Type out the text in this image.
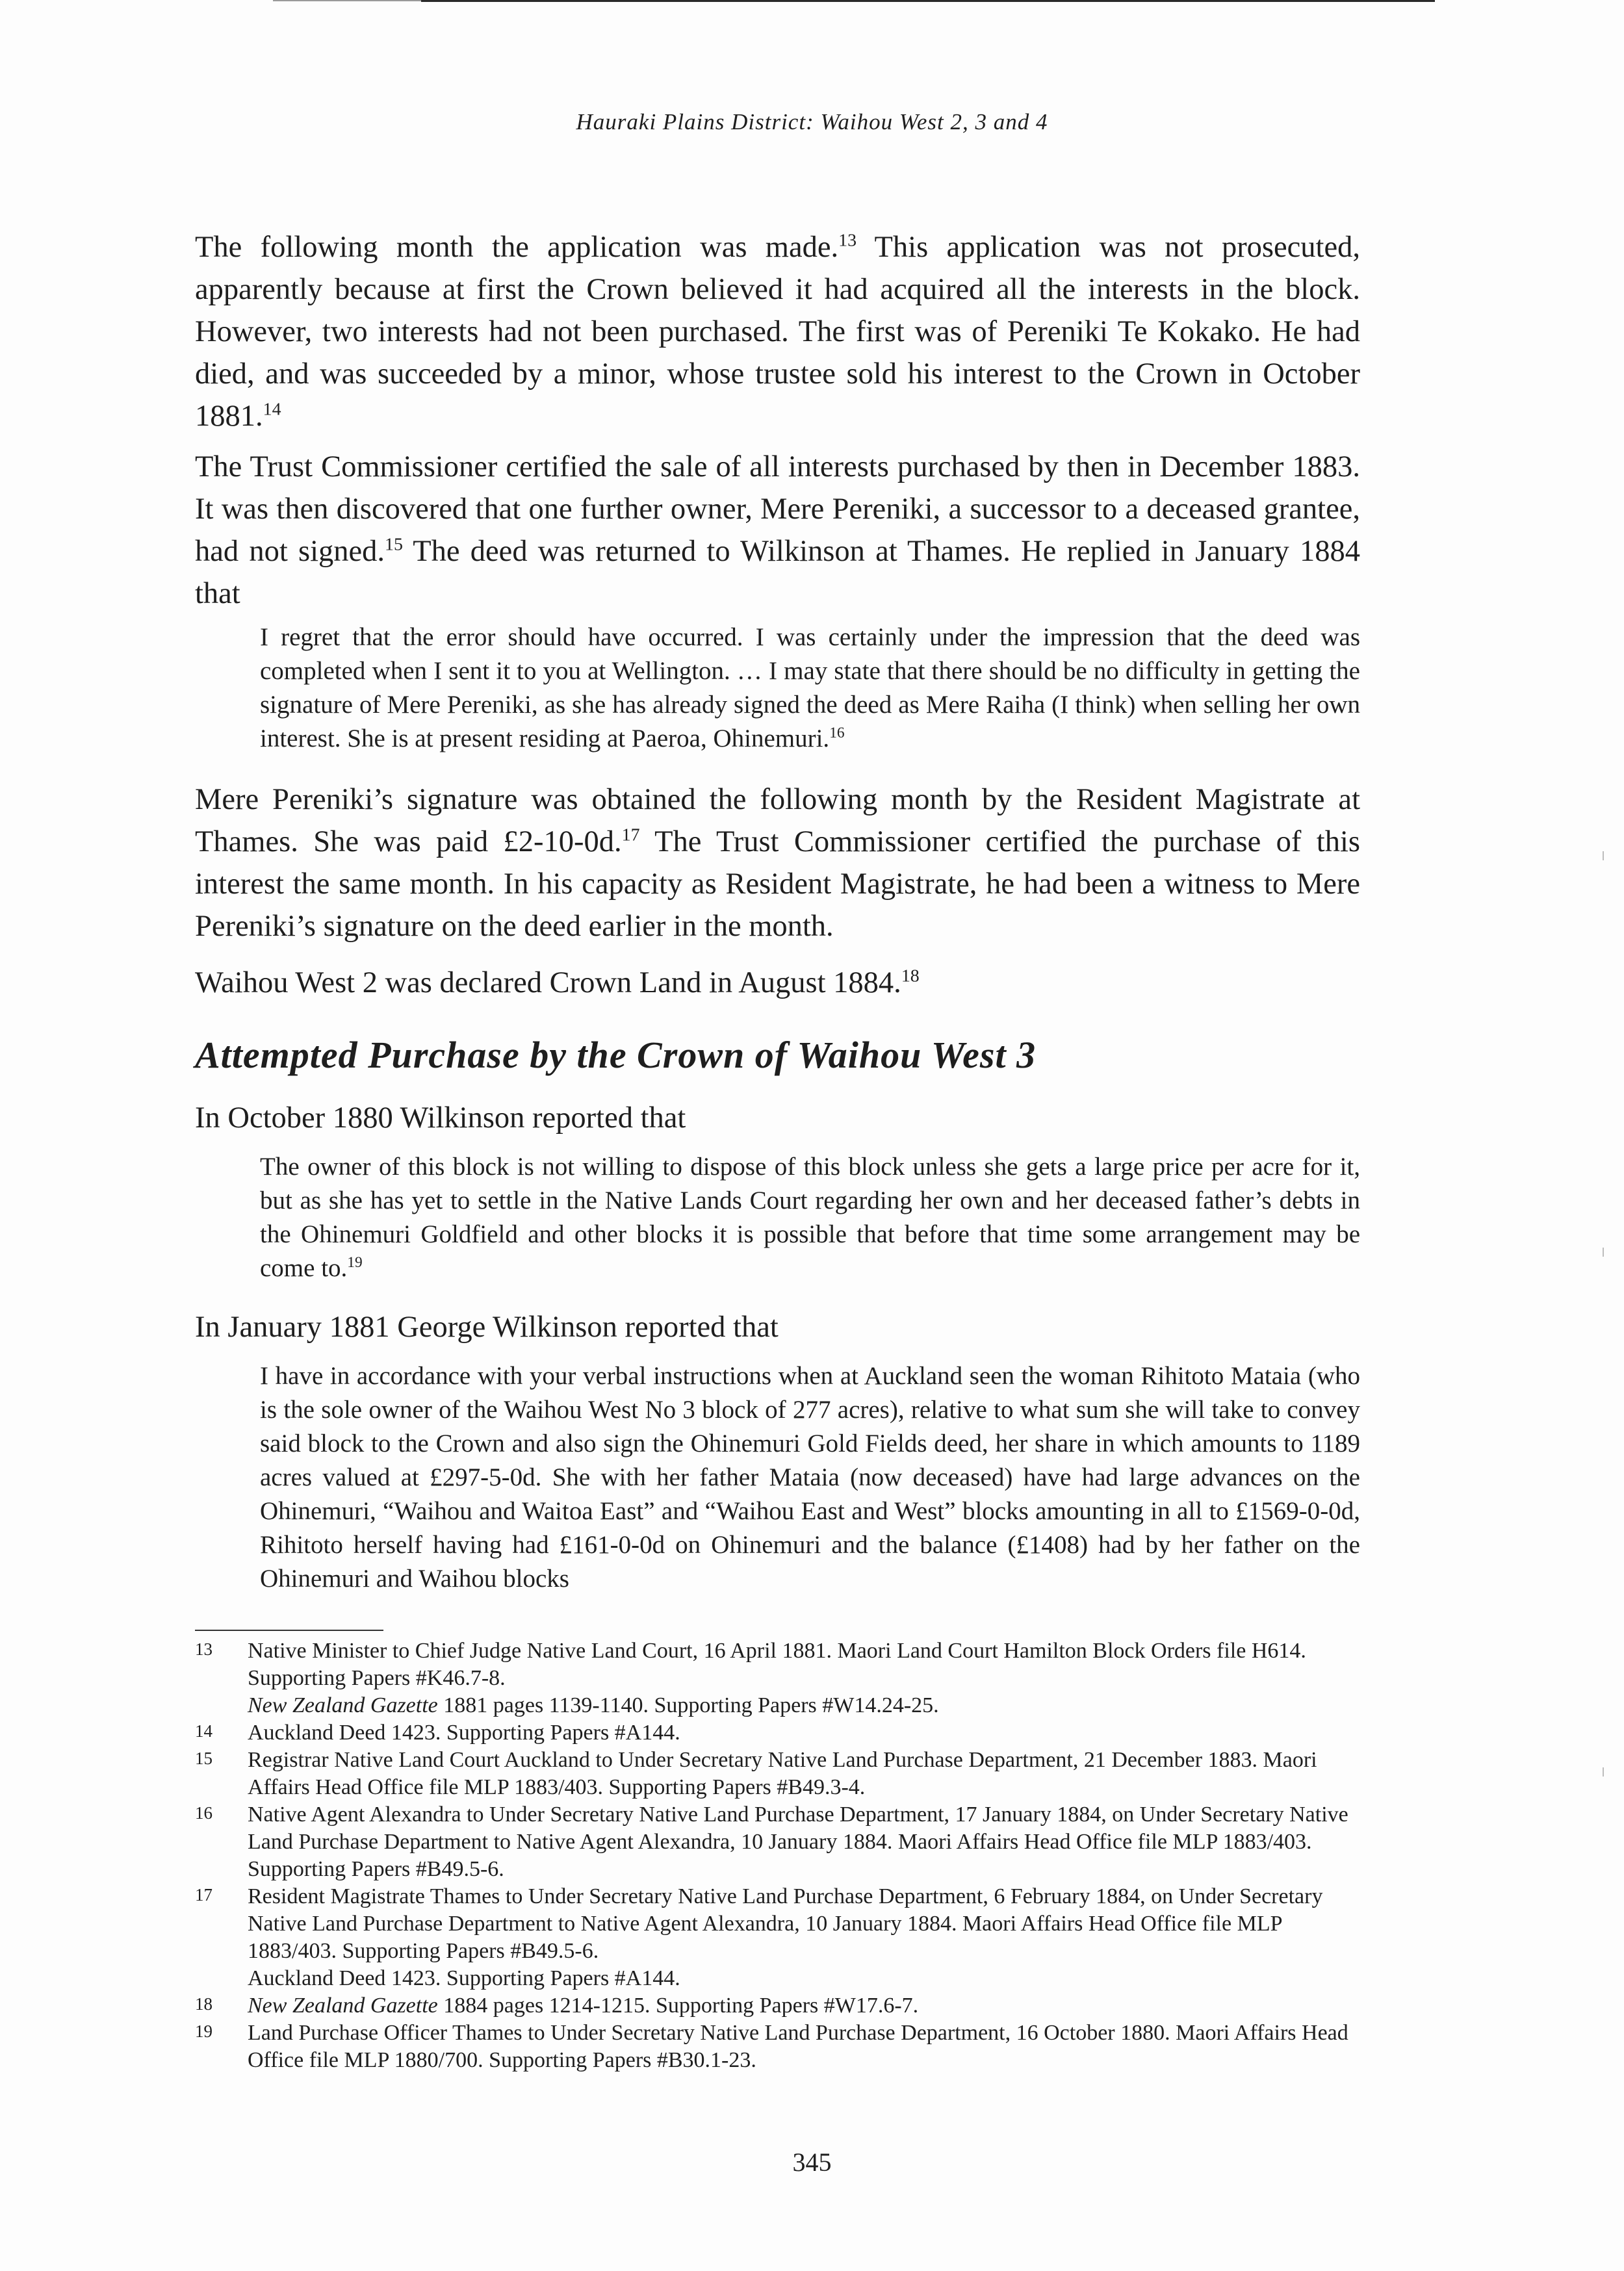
Hauraki Plains District: Waihou West 2, 3 and 4

The following month the application was made.$^{13}$ This application was not prosecuted, apparently because at first the Crown believed it had acquired all the interests in the block. However, two interests had not been purchased. The first was of Pereniki Te Kokako. He had died, and was succeeded by a minor, whose trustee sold his interest to the Crown in October 1881.14

The Trust Commissioner certified the sale of all interests purchased by then in December 1883. It was then discovered that one further owner, Mere Pereniki, a successor to a deceased grantee, had not signed.$^{15}$ The deed was returned to Wilkinson at Thames. He replied in January 1884 that

I regret that the error should have occurred. I was certainly under the impression that the deed was completed when I sent it to you at Wellington. … I may state that there should be no difficulty in getting the signature of Mere Pereniki, as she has already signed the deed as Mere Raiha (I think) when selling her own interest. She is at present residing at Paeroa, Ohinemuri.$^{16}$

Mere Pereniki’s signature was obtained the following month by the Resident Magistrate at Thames. She was paid £2-10-0d.$^{17}$ The Trust Commissioner certified the purchase of this interest the same month. In his capacity as Resident Magistrate, he had been a witness to Mere Pereniki’s signature on the deed earlier in the month.

Waihou West 2 was declared Crown Land in August 1884.18

Attempted Purchase by the Crown of Waihou West 3

In October 1880 Wilkinson reported that

The owner of this block is not willing to dispose of this block unless she gets a large price per acre for it, but as she has yet to settle in the Native Lands Court regarding her own and her deceased father’s debts in the Ohinemuri Goldfield and other blocks it is possible that before that time some arrangement may be come to.$^{19}$

In January 1881 George Wilkinson reported that

I have in accordance with your verbal instructions when at Auckland seen the woman Rihitoto Mataia (who is the sole owner of the Waihou West No 3 block of 277 acres), relative to what sum she will take to convey said block to the Crown and also sign the Ohinemuri Gold Fields deed, her share in which amounts to 1189 acres valued at £297-5-0d. She with her father Mataia (now deceased) have had large advances on the Ohinemuri, “Waihou and Waitoa East” and “Waihou East and West” blocks amounting in all to £1569-0-0d, Rihitoto herself having had £161-0-0d on Ohinemuri and the balance (£1408) had by her father on the Ohinemuri and Waihou blocks

13	Native Minister to Chief Judge Native Land Court, 16 April 1881. Maori Land Court Hamilton Block Orders file H614. Supporting Papers #K46.7-8.

New Zealand Gazette 1881 pages 1139-1140. Supporting Papers #W14.24-25.

14	Auckland Deed 1423. Supporting Papers #A144.
15	Registrar Native Land Court Auckland to Under Secretary Native Land Purchase Department, 21 December 1883. Maori Affairs Head Office file MLP 1883/403. Supporting Papers #B49.3-4.
16	Native Agent Alexandra to Under Secretary Native Land Purchase Department, 17 January 1884, on Under Secretary Native Land Purchase Department to Native Agent Alexandra, 10 January 1884. Maori Affairs Head Office file MLP 1883/403. Supporting Papers #B49.5-6.
17	Resident Magistrate Thames to Under Secretary Native Land Purchase Department, 6 February 1884, on Under Secretary Native Land Purchase Department to Native Agent Alexandra, 10 January 1884. Maori Affairs Head Office file MLP 1883/403. Supporting Papers #B49.5-6.

Auckland Deed 1423. Supporting Papers #A144.

18	New Zealand Gazette 1884 pages 1214-1215. Supporting Papers #W17.6-7.
19	Land Purchase Officer Thames to Under Secretary Native Land Purchase Department, 16 October 1880. Maori Affairs Head Office file MLP 1880/700. Supporting Papers #B30.1-23.
345
